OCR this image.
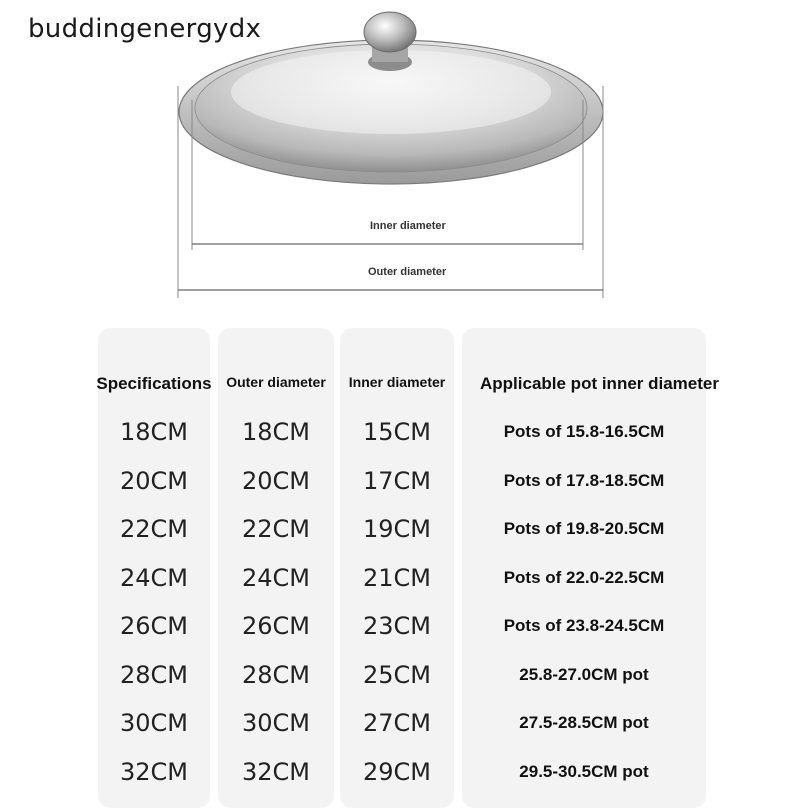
buddingenergydx
Inner diameter
Outer diameter
Specifications	Outer diameter	Inner diameter	Applicable pot inner diameter
18CM	18CM	15CM	Pots of 15.8-16.5CM
20CM	20CM	17CM	Pots of 17.8-18.5CM
22CM	22CM	19CM	Pots of 19.8-20.5CM
24CM	24CM	21CM	Pots of 22.0-22.5CM
26CM	26CM	23CM	Pots of 23.8-24.5CM
28CM	28CM	25CM	25.8-27.0CM pot
30CM	30CM	27CM	27.5-28.5CM pot
32CM	32CM	29CM	29.5-30.5CM pot
